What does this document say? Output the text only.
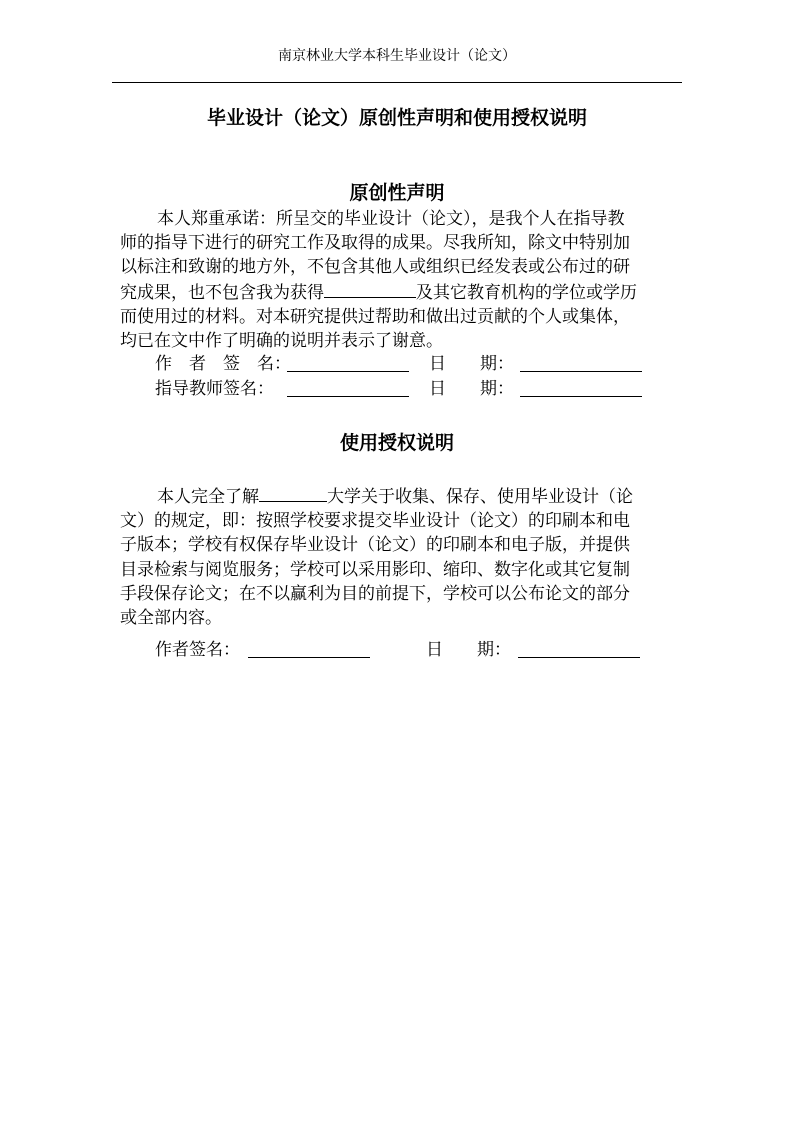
南京林业大学本科生毕业设计（论文）
毕业设计（论文）原创性声明和使用授权说明
原创性声明
本人郑重承诺：所呈交的毕业设计（论文），是我个人在指导教
师的指导下进行的研究工作及取得的成果。尽我所知，除文中特别加
以标注和致谢的地方外，不包含其他人或组织已经发表或公布过的研
究成果，也不包含我为获得	及其它教育机构的学位或学历
而使用过的材料。对本研究提供过帮助和做出过贡献的个人或集体，
均已在文中作了明确的说明并表示了谢意。
作　者　签　名：	日　　期：
指导教师签名：	日　　期：
使用授权说明
本人完全了解	大学关于收集、保存、使用毕业设计（论
文）的规定，即：按照学校要求提交毕业设计（论文）的印刷本和电
子版本；学校有权保存毕业设计（论文）的印刷本和电子版，并提供
目录检索与阅览服务；学校可以采用影印、缩印、数字化或其它复制
手段保存论文；在不以赢利为目的前提下，学校可以公布论文的部分
或全部内容。
作者签名：	日　　期：
